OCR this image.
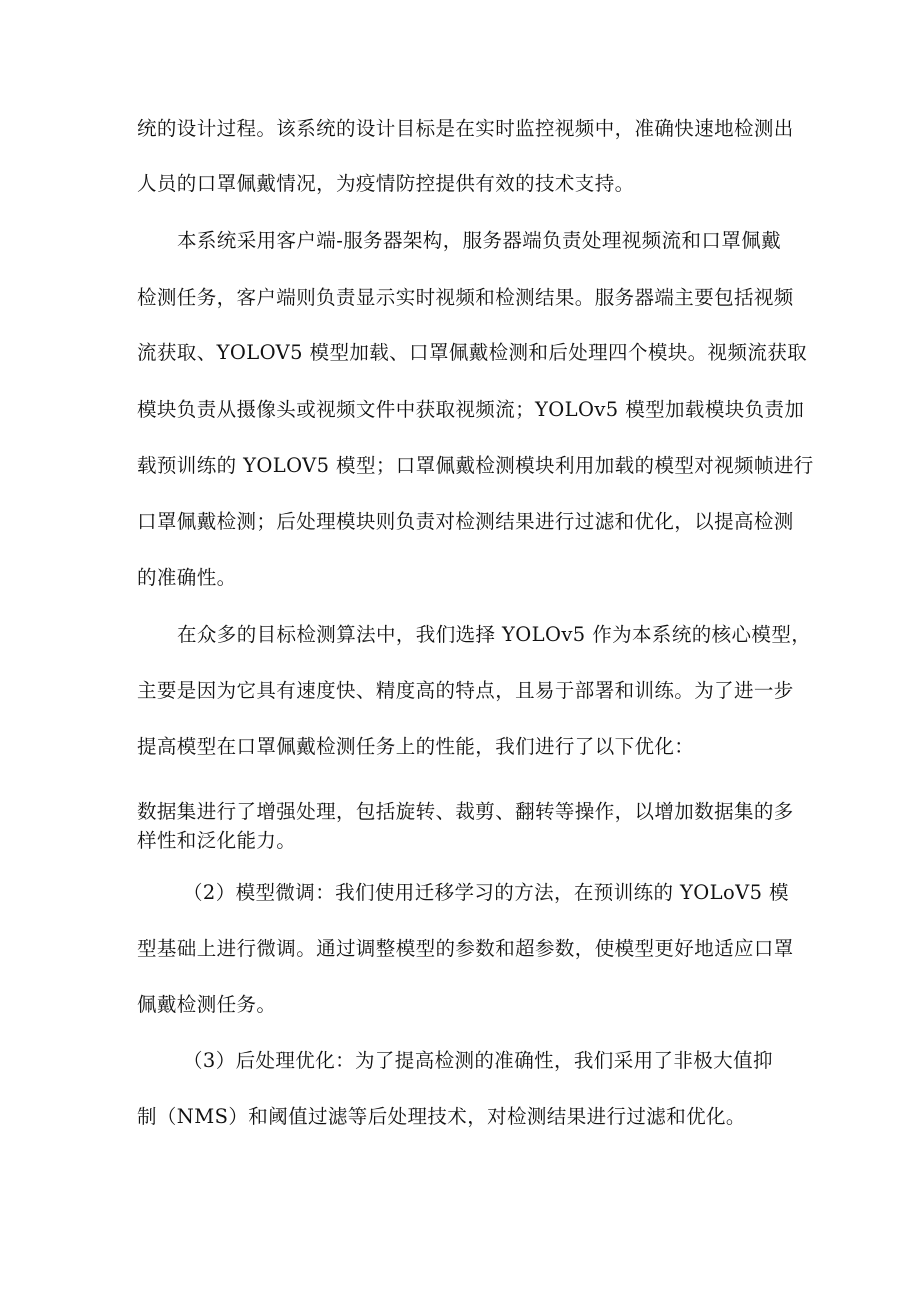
统的设计过程。该系统的设计目标是在实时监控视频中，准确快速地检测出
人员的口罩佩戴情况，为疫情防控提供有效的技术支持。
本系统采用客户端-服务器架构，服务器端负责处理视频流和口罩佩戴
检测任务，客户端则负责显示实时视频和检测结果。服务器端主要包括视频
流获取、YOLOV5 模型加载、口罩佩戴检测和后处理四个模块。视频流获取
模块负责从摄像头或视频文件中获取视频流；YOLOv5 模型加载模块负责加
载预训练的 YOLOV5 模型；口罩佩戴检测模块利用加载的模型对视频帧进行
口罩佩戴检测；后处理模块则负责对检测结果进行过滤和优化，以提高检测
的准确性。
在众多的目标检测算法中，我们选择 YOLOv5 作为本系统的核心模型，
主要是因为它具有速度快、精度高的特点，且易于部署和训练。为了进一步
提高模型在口罩佩戴检测任务上的性能，我们进行了以下优化：
数据集进行了增强处理，包括旋转、裁剪、翻转等操作，以增加数据集的多
样性和泛化能力。
（2）模型微调：我们使用迁移学习的方法，在预训练的 YOLoV5 模
型基础上进行微调。通过调整模型的参数和超参数，使模型更好地适应口罩
佩戴检测任务。
（3）后处理优化：为了提高检测的准确性，我们采用了非极大值抑
制（NMS）和阈值过滤等后处理技术，对检测结果进行过滤和优化。
